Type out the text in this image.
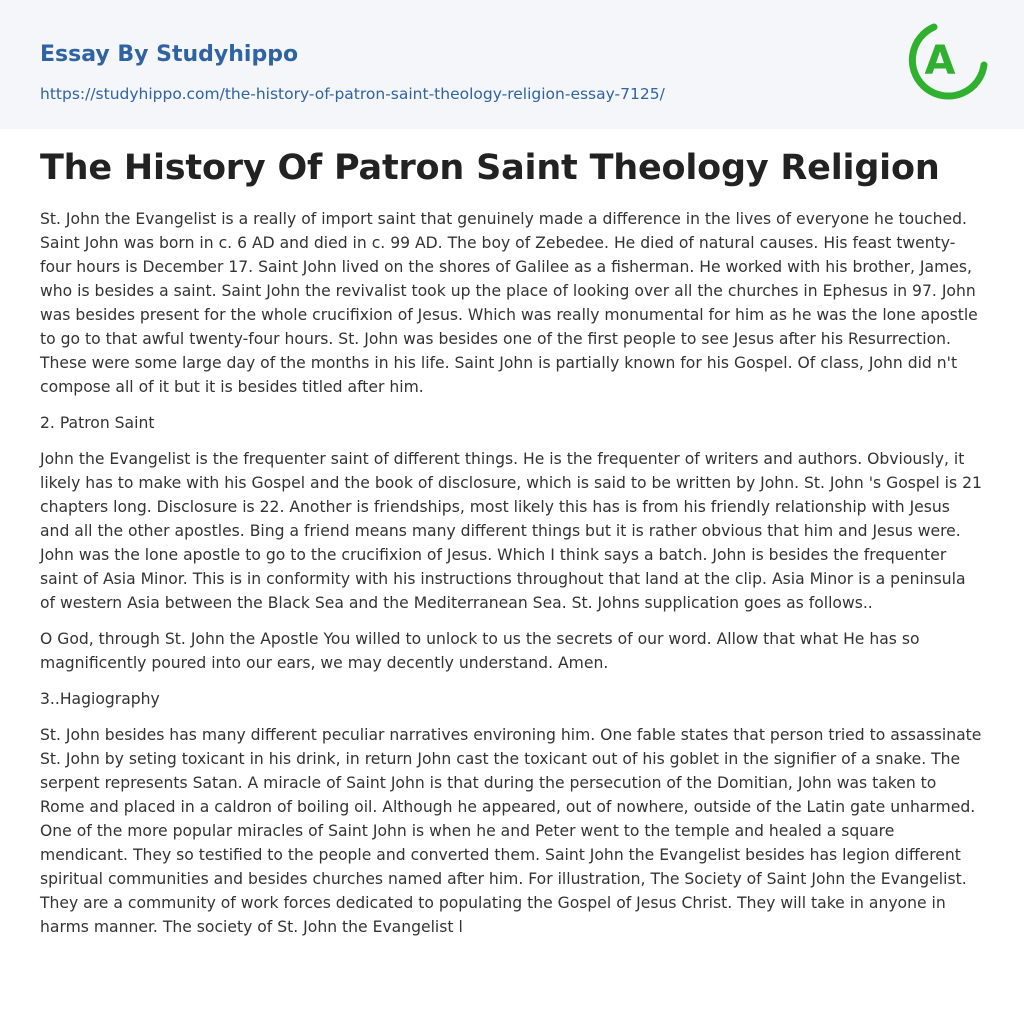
Essay By Studyhippo
https://studyhippo.com/the-history-of-patron-saint-theology-religion-essay-7125/
A
The History Of Patron Saint Theology Religion

St. John the Evangelist is a really of import saint that genuinely made a difference in the lives of everyone he touched. Saint John was born in c. 6 AD and died in c. 99 AD. The boy of Zebedee. He died of natural causes. His feast twenty-four hours is December 17. Saint John lived on the shores of Galilee as a fisherman. He worked with his brother, James, who is besides a saint. Saint John the revivalist took up the place of looking over all the churches in Ephesus in 97. John was besides present for the whole crucifixion of Jesus. Which was really monumental for him as he was the lone apostle to go to that awful twenty-four hours. St. John was besides one of the first people to see Jesus after his Resurrection. These were some large day of the months in his life. Saint John is partially known for his Gospel. Of class, John did n't compose all of it but it is besides titled after him.

2. Patron Saint

John the Evangelist is the frequenter saint of different things. He is the frequenter of writers and authors. Obviously, it likely has to make with his Gospel and the book of disclosure, which is said to be written by John. St. John 's Gospel is 21 chapters long. Disclosure is 22. Another is friendships, most likely this has is from his friendly relationship with Jesus and all the other apostles. Bing a friend means many different things but it is rather obvious that him and Jesus were. John was the lone apostle to go to the crucifixion of Jesus. Which I think says a batch. John is besides the frequenter saint of Asia Minor. This is in conformity with his instructions throughout that land at the clip. Asia Minor is a peninsula of western Asia between the Black Sea and the Mediterranean Sea. St. Johns supplication goes as follows..

O God, through St. John the Apostle You willed to unlock to us the secrets of our word. Allow that what He has so magnificently poured into our ears, we may decently understand. Amen.

3..Hagiography

St. John besides has many different peculiar narratives environing him. One fable states that person tried to assassinate St. John by seting toxicant in his drink, in return John cast the toxicant out of his goblet in the signifier of a snake. The serpent represents Satan. A miracle of Saint John is that during the persecution of the Domitian, John was taken to Rome and placed in a caldron of boiling oil. Although he appeared, out of nowhere, outside of the Latin gate unharmed. One of the more popular miracles of Saint John is when he and Peter went to the temple and healed a square mendicant. They so testified to the people and converted them. Saint John the Evangelist besides has legion different spiritual communities and besides churches named after him. For illustration, The Society of Saint John the Evangelist. They are a community of work forces dedicated to populating the Gospel of Jesus Christ. They will take in anyone in harms manner. The society of St. John the Evangelist l
